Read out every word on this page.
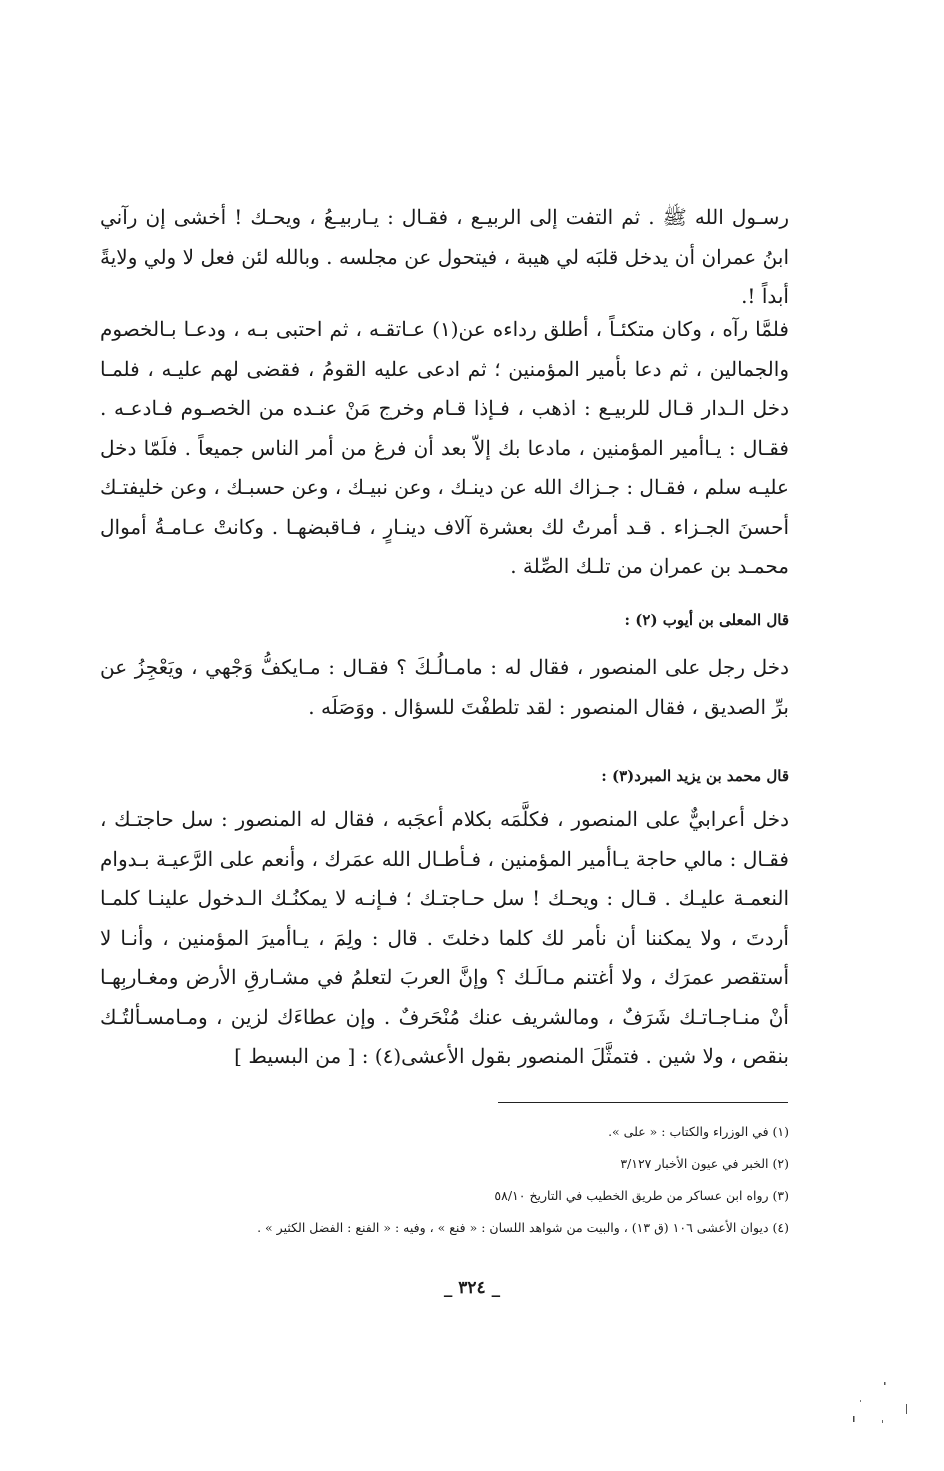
رسـول الله ﷺ . ثم التفت إلى الربيـع ، فقـال : يـاربيـعُ ، ويحـك ! أخشى إن رآني ابنُ عمران أن يدخل قلبَه لي هيبة ، فيتحول عن مجلسه . وبالله لئن فعل لا ولي ولايةً أبداً !.

فلمَّا رآه ، وكان متكئـاً ، أطلق رداءه عن(١) عـاتقـه ، ثم احتبى بـه ، ودعـا بـالخصوم والجمالين ، ثم دعا بأمير المؤمنين ؛ ثم ادعى عليه القومُ ، فقضى لهم عليـه ، فلمـا دخل الـدار قـال للربيـع : اذهب ، فـإذا قـام وخرج مَنْ عنـده من الخصـوم فـادعـه . فقـال : يـاأمير المؤمنين ، مادعا بك إلاّ بعد أن فرغ من أمر الناس جميعاً . فلَمّا دخل عليـه سلم ، فقـال : جـزاك الله عن دينـك ، وعن نبيـك ، وعن حسبـك ، وعن خليفتـك أحسنَ الجـزاء . قـد أمرتُ لك بعشرة آلاف دينـارٍ ، فـاقبضهـا . وكانتْ عـامـةُ أموال محمـد بن عمران من تلـك الصِّلة .

قال المعلى بن أيوب (٢) :

دخل رجل على المنصور ، فقال له : مامـالُـكَ ؟ فقـال : مـايكفُّ وَجْهي ، ويَعْجِزُ عن برِّ الصديق ، فقال المنصور : لقد تلطفْتَ للسؤال . ووَصَلَه .

قال محمد بن يزيد المبرد(٣) :

دخل أعرابيٌّ على المنصور ، فكلَّمَه بكلام أعجَبه ، فقال له المنصور : سل حاجتـك ، فقـال : مالي حاجة يـاأمير المؤمنين ، فـأطـال الله عمَرك ، وأنعم على الرَّعيـة بـدوام النعمـة عليـك . قـال : ويحـك ! سل حـاجتـك ؛ فـإنـه لا يمكنُـك الـدخول علينـا كلمـا أردتَ ، ولا يمكننا أن نأمر لك كلما دخلتَ . قال : ولِمَ ، يـاأميرَ المؤمنين ، وأنـا لا أستقصر عمرَك ، ولا أغتنم مـالَـك ؟ وإنَّ العربَ لتعلمُ في مشـارقِ الأرض ومغـاربِهـا أنْ منـاجـاتـك شَرَفٌ ، ومالشريف عنك مُنْحَرفٌ . وإن عطاءَك لزين ، ومـامسـألتُـك بنقص ، ولا شين . فتمثَّلَ المنصور بقول الأعشى(٤) : [ من البسيط ]

(١) في الوزراء والكتاب : « على ».

(٢) الخبر في عيون الأخبار ٣/١٢٧

(٣) رواه ابن عساكر من طريق الخطيب في التاريخ ٥٨/١٠

(٤) ديوان الأعشى ١٠٦ (ق ١٣) ، والبيت من شواهد اللسان : « فنع » ، وفيه : « الفنع : الفضل الكثير » .

_ ٣٢٤ _
